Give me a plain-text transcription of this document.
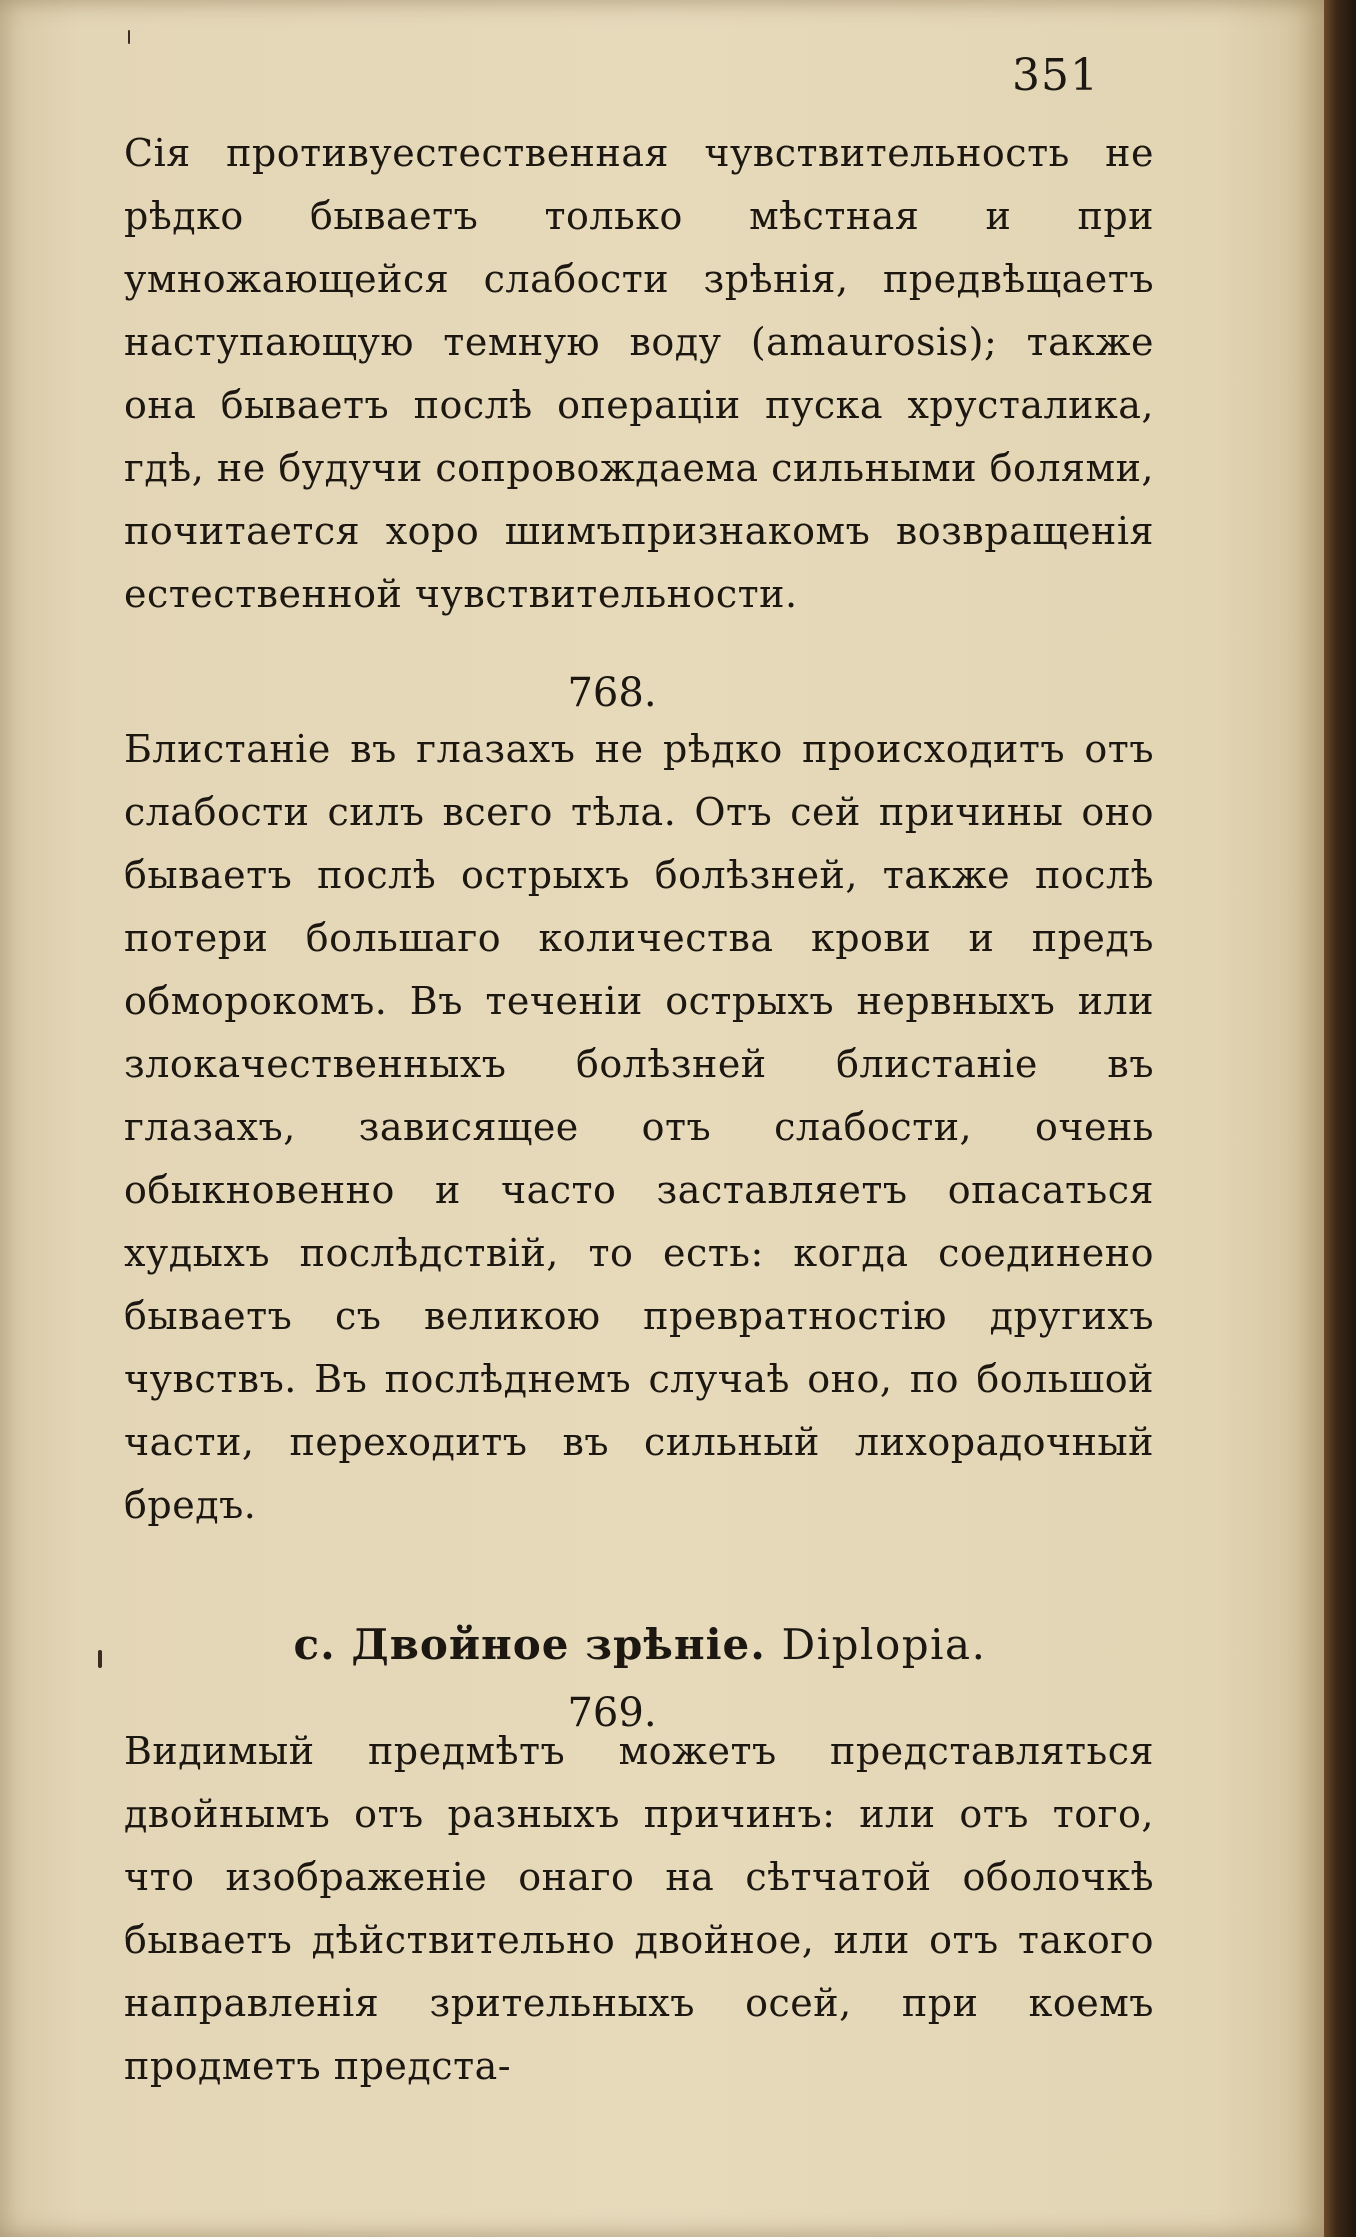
351

Сія противуестественная чувствительность не рѣдко бываетъ только мѣстная и при умножающейся слабости зрѣнія, предвѣщаетъ наступающую темную воду (amaurosis); также она бываетъ послѣ операціи пуска хрусталика, гдѣ, не будучи сопровождаема сильными болями, почитается хоро шимъпризнакомъ возвращенія естественной чувствительности.

768.

Блистаніе въ глазахъ не рѣдко происходитъ отъ слабости силъ всего тѣла. Отъ сей причины оно бываетъ послѣ острыхъ болѣзней, также послѣ потери большаго количества крови и предъ обморокомъ. Въ теченіи острыхъ нервныхъ или злокачественныхъ болѣзней блистаніе въ глазахъ, зависящее отъ слабости, очень обыкновенно и часто заставляетъ опасаться худыхъ послѣдствій, то есть: когда соединено бываетъ съ великою превратностію другихъ чувствъ. Въ послѣднемъ случаѣ оно, по большой части, переходитъ въ сильный лихорадочный бредъ.

c. Двойное зрѣніе. Diplopia.
769.

Видимый предмѣтъ можетъ представляться двойнымъ отъ разныхъ причинъ: или отъ того, что изображеніе онаго на сѣтчатой оболочкѣ бываетъ дѣйствительно двойное, или отъ такого направленія зрительныхъ осей, при коемъ продметъ предста-
